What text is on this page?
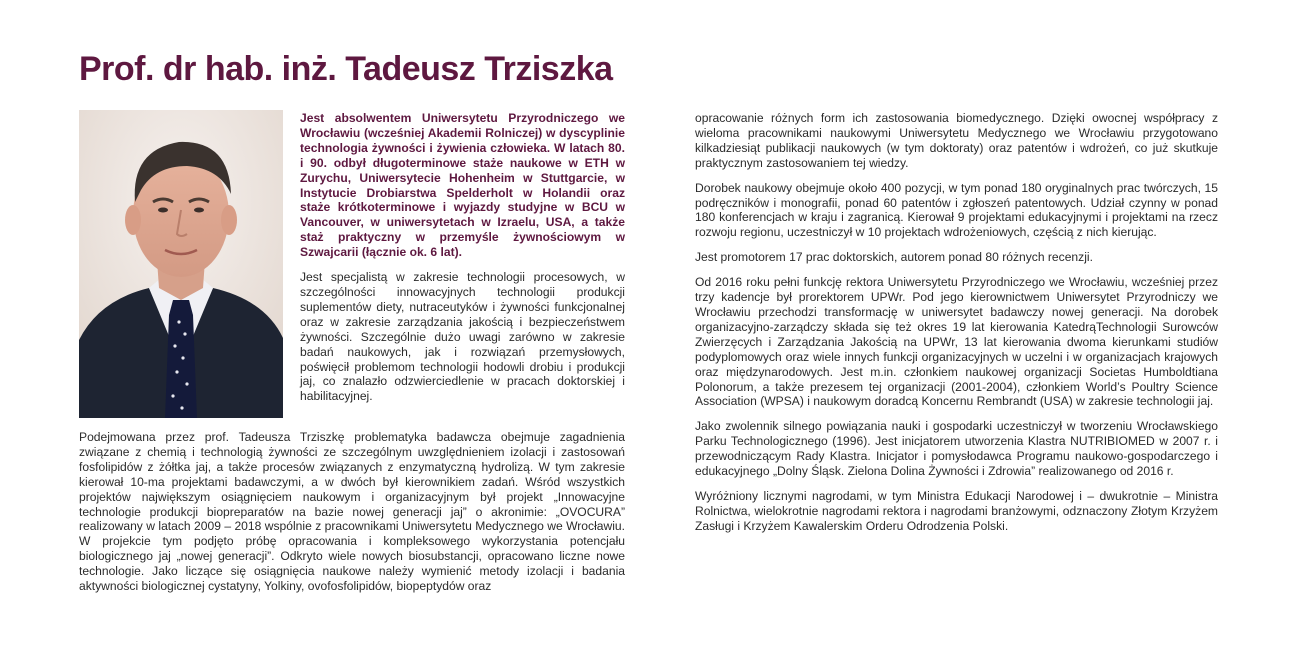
Prof. dr hab. inż. Tadeusz Trziszka

Jest absolwentem Uniwersytetu Przyrodniczego we Wrocławiu (wcześniej Akademii Rolniczej) w dyscyplinie technologia żywności i żywienia człowieka. W latach 80. i 90. odbył długoterminowe staże naukowe w ETH w Zurychu, Uniwersytecie Hohenheim w Stuttgarcie, w Instytucie Drobiarstwa Spelderholt w Holandii oraz staże krótkoterminowe i wyjazdy studyjne w BCU w Vancouver, w uniwersytetach w Izraelu, USA, a także staż praktyczny w przemyśle żywnościowym w Szwajcarii (łącznie ok. 6 lat).

Jest specjalistą w zakresie technologii procesowych, w szczególności innowacyjnych technologii produkcji suplementów diety, nutraceutyków i żywności funkcjonalnej oraz w zakresie zarządzania jakością i bezpieczeństwem żywności. Szczególnie dużo uwagi zarówno w zakresie badań naukowych, jak i rozwiązań przemysłowych, poświęcił problemom technologii hodowli drobiu i produkcji jaj, co znalazło odzwierciedlenie w pracach doktorskiej i habilitacyjnej.

Podejmowana przez prof. Tadeusza Trziszkę problematyka badawcza obejmuje zagadnienia związane z chemią i technologią żywności ze szczególnym uwzględnieniem izolacji i zastosowań fosfolipidów z żółtka jaj, a także procesów związanych z enzymatyczną hydrolizą. W tym zakresie kierował 10-ma projektami badawczymi, a w dwóch był kierownikiem zadań. Wśród wszystkich projektów największym osiągnięciem naukowym i organizacyjnym był projekt „Innowacyjne technologie produkcji biopreparatów na bazie nowej generacji jaj” o akronimie: „OVOCURA” realizowany w latach 2009 – 2018 wspólnie z pracownikami Uniwersytetu Medycznego we Wrocławiu. W projekcie tym podjęto próbę opracowania i kompleksowego wykorzystania potencjału biologicznego jaj „nowej generacji”. Odkryto wiele nowych biosubstancji, opracowano liczne nowe technologie. Jako liczące się osiągnięcia naukowe należy wymienić metody izolacji i badania aktywności biologicznej cystatyny, Yolkiny, ovofosfolipidów, biopeptydów oraz

opracowanie różnych form ich zastosowania biomedycznego. Dzięki owocnej współpracy z wieloma pracownikami naukowymi Uniwersytetu Medycznego we Wrocławiu przygotowano kilkadziesiąt publikacji naukowych (w tym doktoraty) oraz patentów i wdrożeń, co już skutkuje praktycznym zastosowaniem tej wiedzy.

Dorobek naukowy obejmuje około 400 pozycji, w tym ponad 180 oryginalnych prac twórczych, 15 podręczników i monografii, ponad 60 patentów i zgłoszeń patentowych. Udział czynny w ponad 180 konferencjach w kraju i zagranicą. Kierował 9 projektami edukacyjnymi i projektami na rzecz rozwoju regionu, uczestniczył w 10 projektach wdrożeniowych, częścią z nich kierując.

Jest promotorem 17 prac doktorskich, autorem ponad 80 różnych recenzji.

Od 2016 roku pełni funkcję rektora Uniwersytetu Przyrodniczego we Wrocławiu, wcześniej przez trzy kadencje był prorektorem UPWr. Pod jego kierownictwem Uniwersytet Przyrodniczy we Wrocławiu przechodzi transformację w uniwersytet badawczy nowej generacji. Na dorobek organizacyjno-zarządczy składa się też okres 19 lat kierowania KatedrąTechnologii Surowców Zwierzęcych i Zarządzania Jakością na UPWr, 13 lat kierowania dwoma kierunkami studiów podyplomowych oraz wiele innych funkcji organizacyjnych w uczelni i w organizacjach krajowych oraz międzynarodowych. Jest m.in. członkiem naukowej organizacji Societas Humboldtiana Polonorum, a także prezesem tej organizacji (2001-2004), członkiem World’s Poultry Science Association (WPSA) i naukowym doradcą Koncernu Rembrandt (USA) w zakresie technologii jaj.

Jako zwolennik silnego powiązania nauki i gospodarki uczestniczył w tworzeniu Wrocławskiego Parku Technologicznego (1996). Jest inicjatorem utworzenia Klastra NUTRIBIOMED w 2007 r. i przewodniczącym Rady Klastra. Inicjator i pomysłodawca Programu naukowo-gospodarczego i edukacyjnego „Dolny Śląsk. Zielona Dolina Żywności i Zdrowia” realizowanego od 2016 r.

Wyróżniony licznymi nagrodami, w tym Ministra Edukacji Narodowej i – dwukrotnie – Ministra Rolnictwa, wielokrotnie nagrodami rektora i nagrodami branżowymi, odznaczony Złotym Krzyżem Zasługi i Krzyżem Kawalerskim Orderu Odrodzenia Polski.
